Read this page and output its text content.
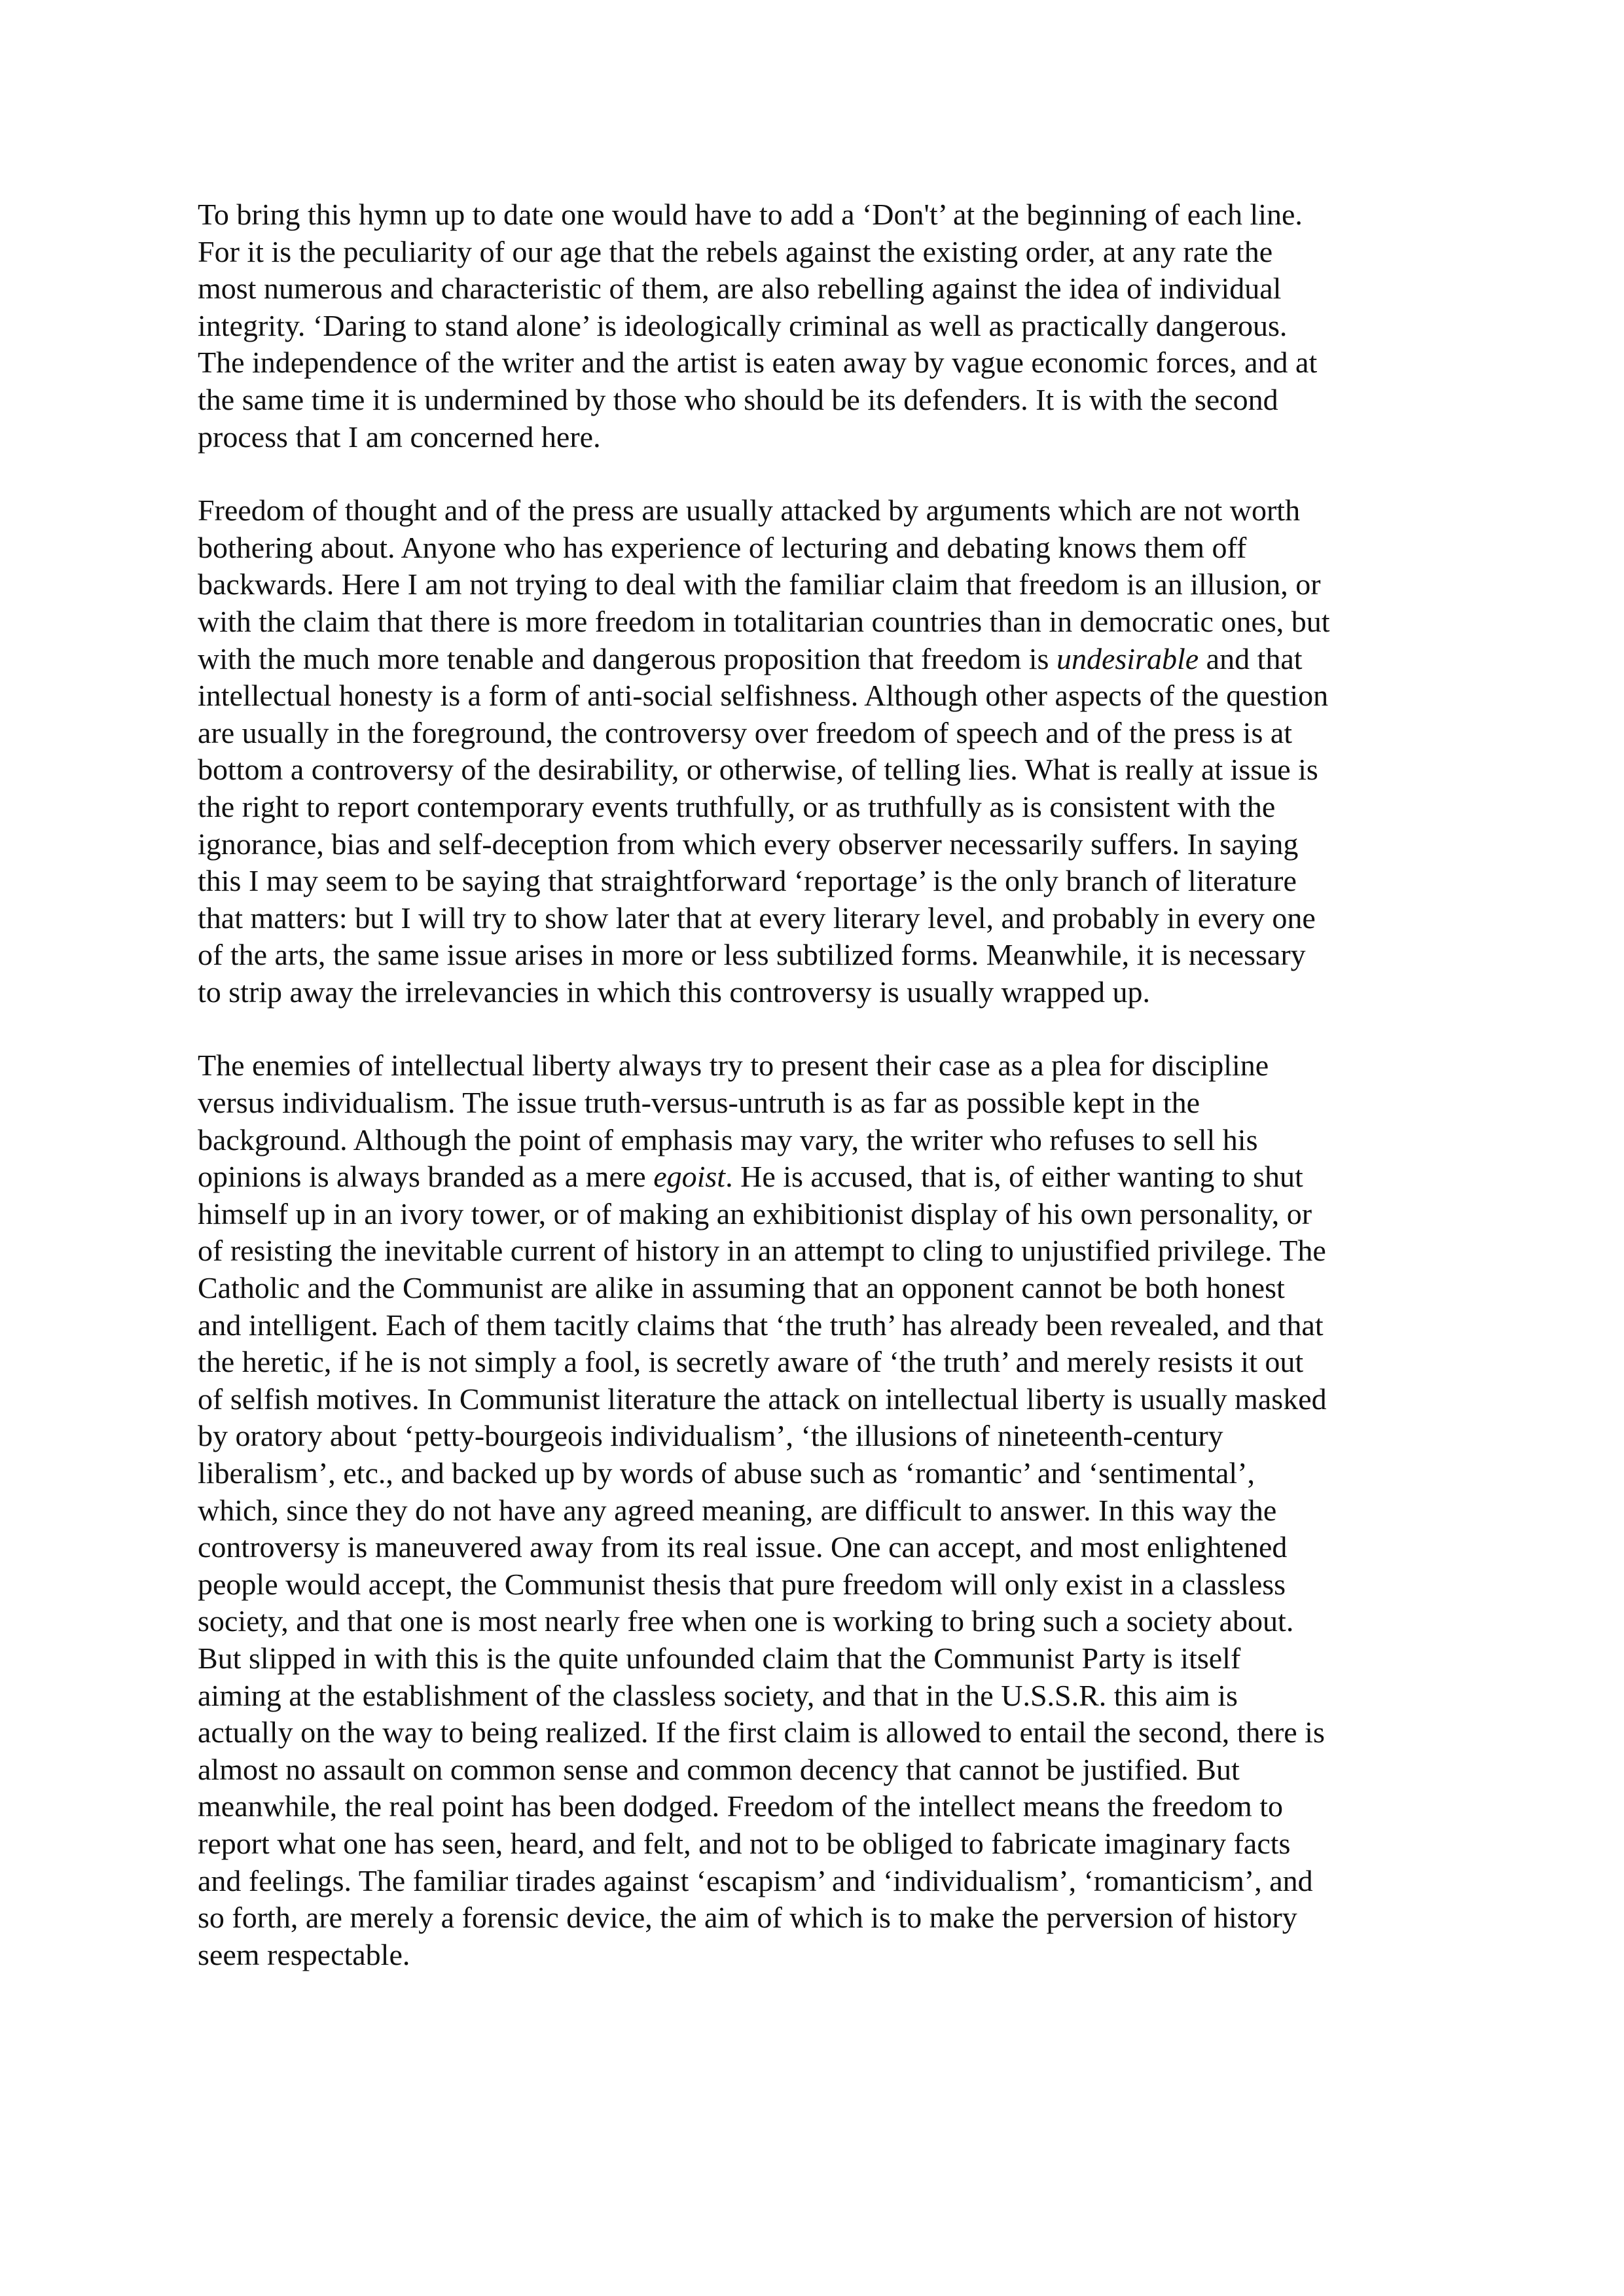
To bring this hymn up to date one would have to add a ‘Don't’ at the beginning of each line.
For it is the peculiarity of our age that the rebels against the existing order, at any rate the
most numerous and characteristic of them, are also rebelling against the idea of individual
integrity. ‘Daring to stand alone’ is ideologically criminal as well as practically dangerous.
The independence of the writer and the artist is eaten away by vague economic forces, and at
the same time it is undermined by those who should be its defenders. It is with the second
process that I am concerned here.

Freedom of thought and of the press are usually attacked by arguments which are not worth
bothering about. Anyone who has experience of lecturing and debating knows them off
backwards. Here I am not trying to deal with the familiar claim that freedom is an illusion, or
with the claim that there is more freedom in totalitarian countries than in democratic ones, but
with the much more tenable and dangerous proposition that freedom is undesirable and that
intellectual honesty is a form of anti-social selfishness. Although other aspects of the question
are usually in the foreground, the controversy over freedom of speech and of the press is at
bottom a controversy of the desirability, or otherwise, of telling lies. What is really at issue is
the right to report contemporary events truthfully, or as truthfully as is consistent with the
ignorance, bias and self-deception from which every observer necessarily suffers. In saying
this I may seem to be saying that straightforward ‘reportage’ is the only branch of literature
that matters: but I will try to show later that at every literary level, and probably in every one
of the arts, the same issue arises in more or less subtilized forms. Meanwhile, it is necessary
to strip away the irrelevancies in which this controversy is usually wrapped up.

The enemies of intellectual liberty always try to present their case as a plea for discipline
versus individualism. The issue truth-versus-untruth is as far as possible kept in the
background. Although the point of emphasis may vary, the writer who refuses to sell his
opinions is always branded as a mere egoist. He is accused, that is, of either wanting to shut
himself up in an ivory tower, or of making an exhibitionist display of his own personality, or
of resisting the inevitable current of history in an attempt to cling to unjustified privilege. The
Catholic and the Communist are alike in assuming that an opponent cannot be both honest
and intelligent. Each of them tacitly claims that ‘the truth’ has already been revealed, and that
the heretic, if he is not simply a fool, is secretly aware of ‘the truth’ and merely resists it out
of selfish motives. In Communist literature the attack on intellectual liberty is usually masked
by oratory about ‘petty-bourgeois individualism’, ‘the illusions of nineteenth-century
liberalism’, etc., and backed up by words of abuse such as ‘romantic’ and ‘sentimental’,
which, since they do not have any agreed meaning, are difficult to answer. In this way the
controversy is maneuvered away from its real issue. One can accept, and most enlightened
people would accept, the Communist thesis that pure freedom will only exist in a classless
society, and that one is most nearly free when one is working to bring such a society about.
But slipped in with this is the quite unfounded claim that the Communist Party is itself
aiming at the establishment of the classless society, and that in the U.S.S.R. this aim is
actually on the way to being realized. If the first claim is allowed to entail the second, there is
almost no assault on common sense and common decency that cannot be justified. But
meanwhile, the real point has been dodged. Freedom of the intellect means the freedom to
report what one has seen, heard, and felt, and not to be obliged to fabricate imaginary facts
and feelings. The familiar tirades against ‘escapism’ and ‘individualism’, ‘romanticism’, and
so forth, are merely a forensic device, the aim of which is to make the perversion of history
seem respectable.
